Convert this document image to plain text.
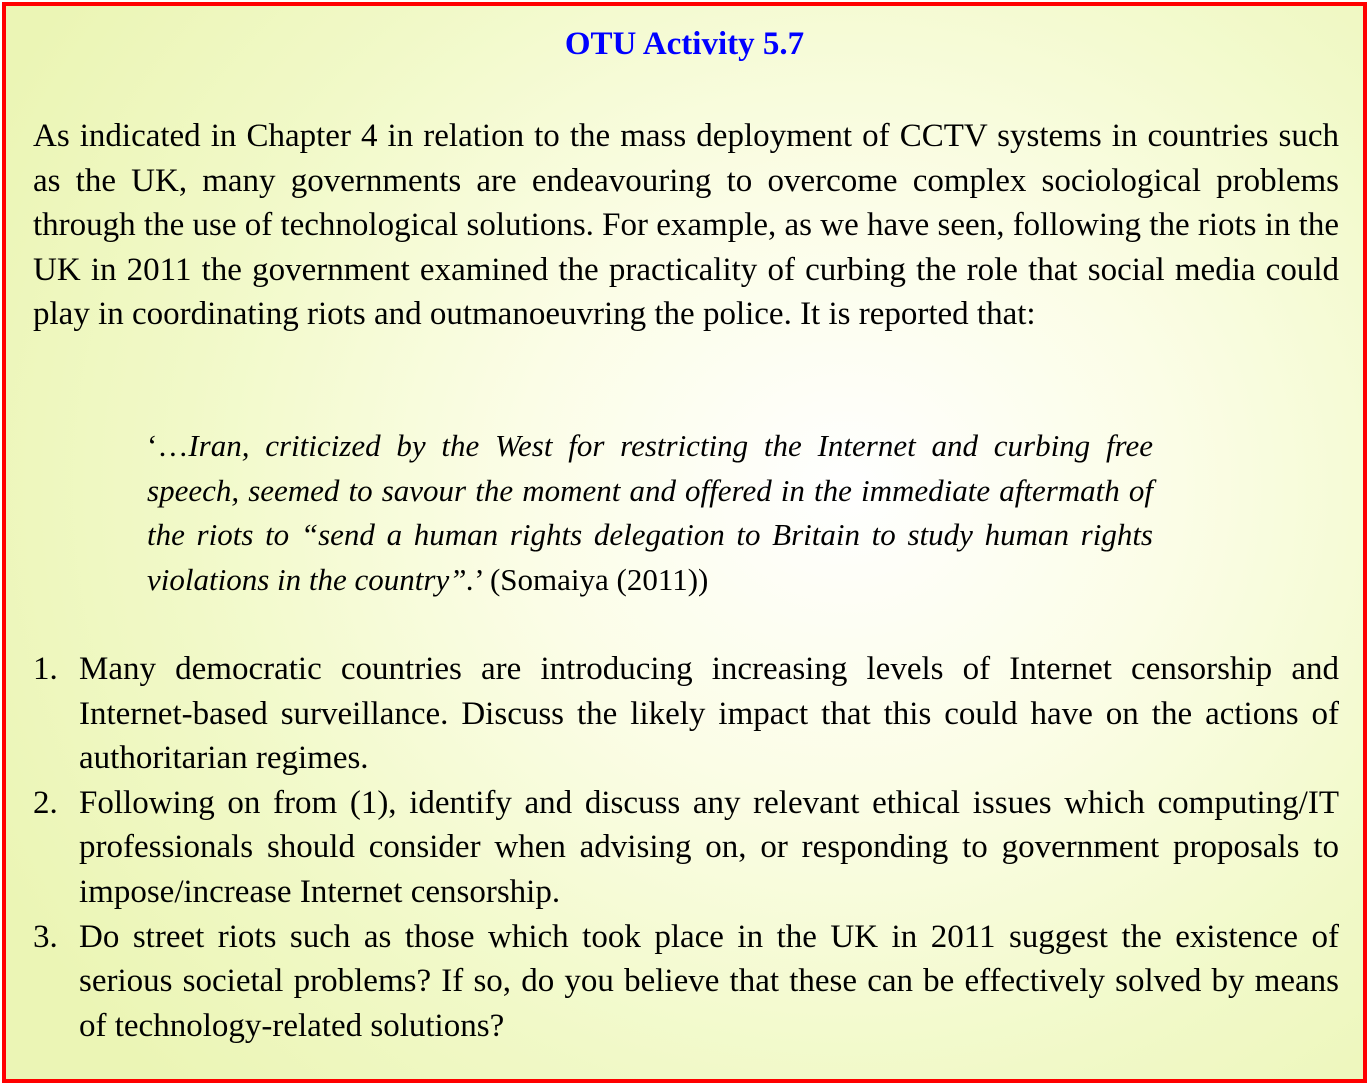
OTU Activity 5.7

As indicated in Chapter 4 in relation to the mass deployment of CCTV systems in countries such as the UK, many governments are endeavouring to overcome complex sociological problems through the use of technological solutions. For example, as we have seen, following the riots in the UK in 2011 the government examined the practicality of curbing the role that social media could play in coordinating riots and outmanoeuvring the police. It is reported that:

‘…Iran, criticized by the West for restricting the Internet and curbing free speech, seemed to savour the moment and offered in the immediate aftermath of the riots to “send a human rights delegation to Britain to study human rights violations in the country”.’ (Somaiya (2011))

1. Many democratic countries are introducing increasing levels of Internet censorship and Internet-based surveillance. Discuss the likely impact that this could have on the actions of authoritarian regimes.
2. Following on from (1), identify and discuss any relevant ethical issues which computing/IT professionals should consider when advising on, or responding to government proposals to impose/increase Internet censorship.
3. Do street riots such as those which took place in the UK in 2011 suggest the existence of serious societal problems? If so, do you believe that these can be effectively solved by means of technology-related solutions?
